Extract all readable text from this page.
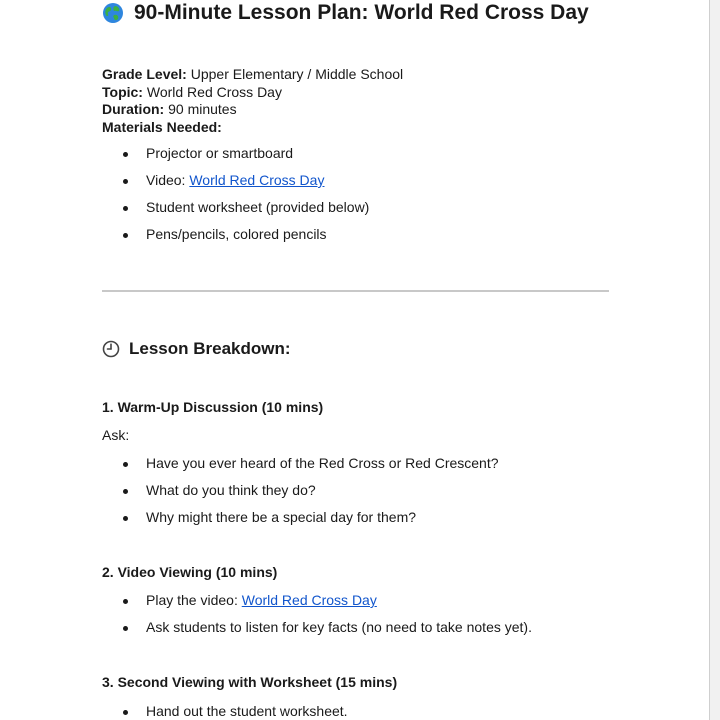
90-Minute Lesson Plan: World Red Cross Day
Grade Level: Upper Elementary / Middle School
Topic: World Red Cross Day
Duration: 90 minutes
Materials Needed:
Projector or smartboard
Video: World Red Cross Day
Student worksheet (provided below)
Pens/pencils, colored pencils
Lesson Breakdown:
1. Warm-Up Discussion (10 mins)
Ask:
Have you ever heard of the Red Cross or Red Crescent?
What do you think they do?
Why might there be a special day for them?
2. Video Viewing (10 mins)
Play the video: World Red Cross Day
Ask students to listen for key facts (no need to take notes yet).
3. Second Viewing with Worksheet (15 mins)
Hand out the student worksheet.
